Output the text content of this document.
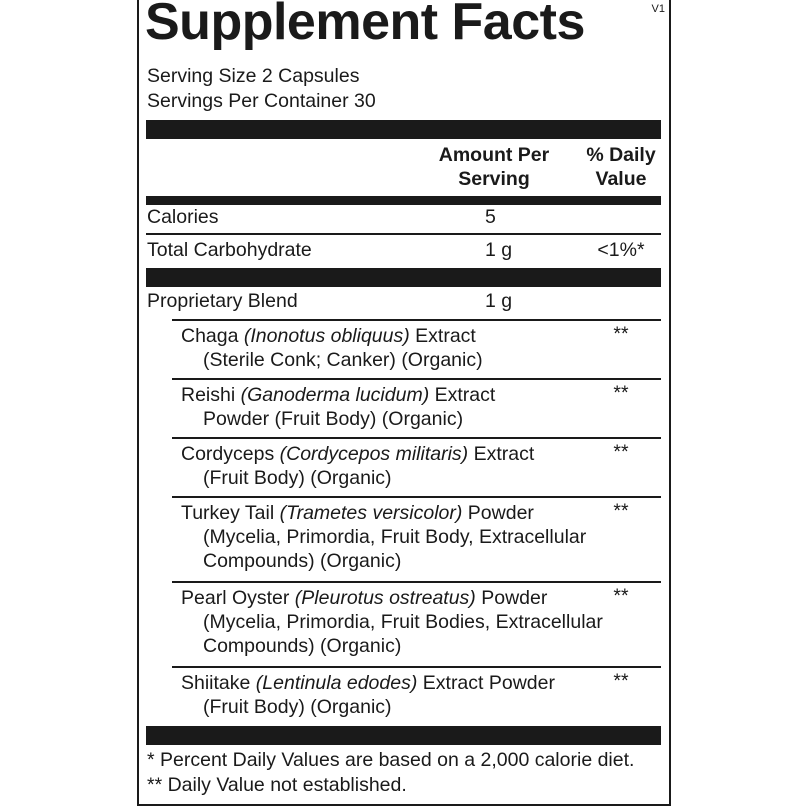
Supplement Facts	V1
Serving Size 2 Capsules
Servings Per Container 30
Amount Per
Serving
% Daily
Value
Calories	5
Total Carbohydrate	1 g	<1%*
Proprietary Blend	1 g
Chaga (Inonotus obliquus) Extract	**
(Sterile Conk; Canker) (Organic)
Reishi (Ganoderma lucidum) Extract	**
Powder (Fruit Body) (Organic)
Cordyceps (Cordycepos militaris) Extract	**
(Fruit Body) (Organic)
Turkey Tail (Trametes versicolor) Powder	**
(Mycelia, Primordia, Fruit Body, Extracellular
Compounds) (Organic)
Pearl Oyster (Pleurotus ostreatus) Powder	**
(Mycelia, Primordia, Fruit Bodies, Extracellular
Compounds) (Organic)
Shiitake (Lentinula edodes) Extract Powder	**
(Fruit Body) (Organic)
* Percent Daily Values are based on a 2,000 calorie diet.
** Daily Value not established.
